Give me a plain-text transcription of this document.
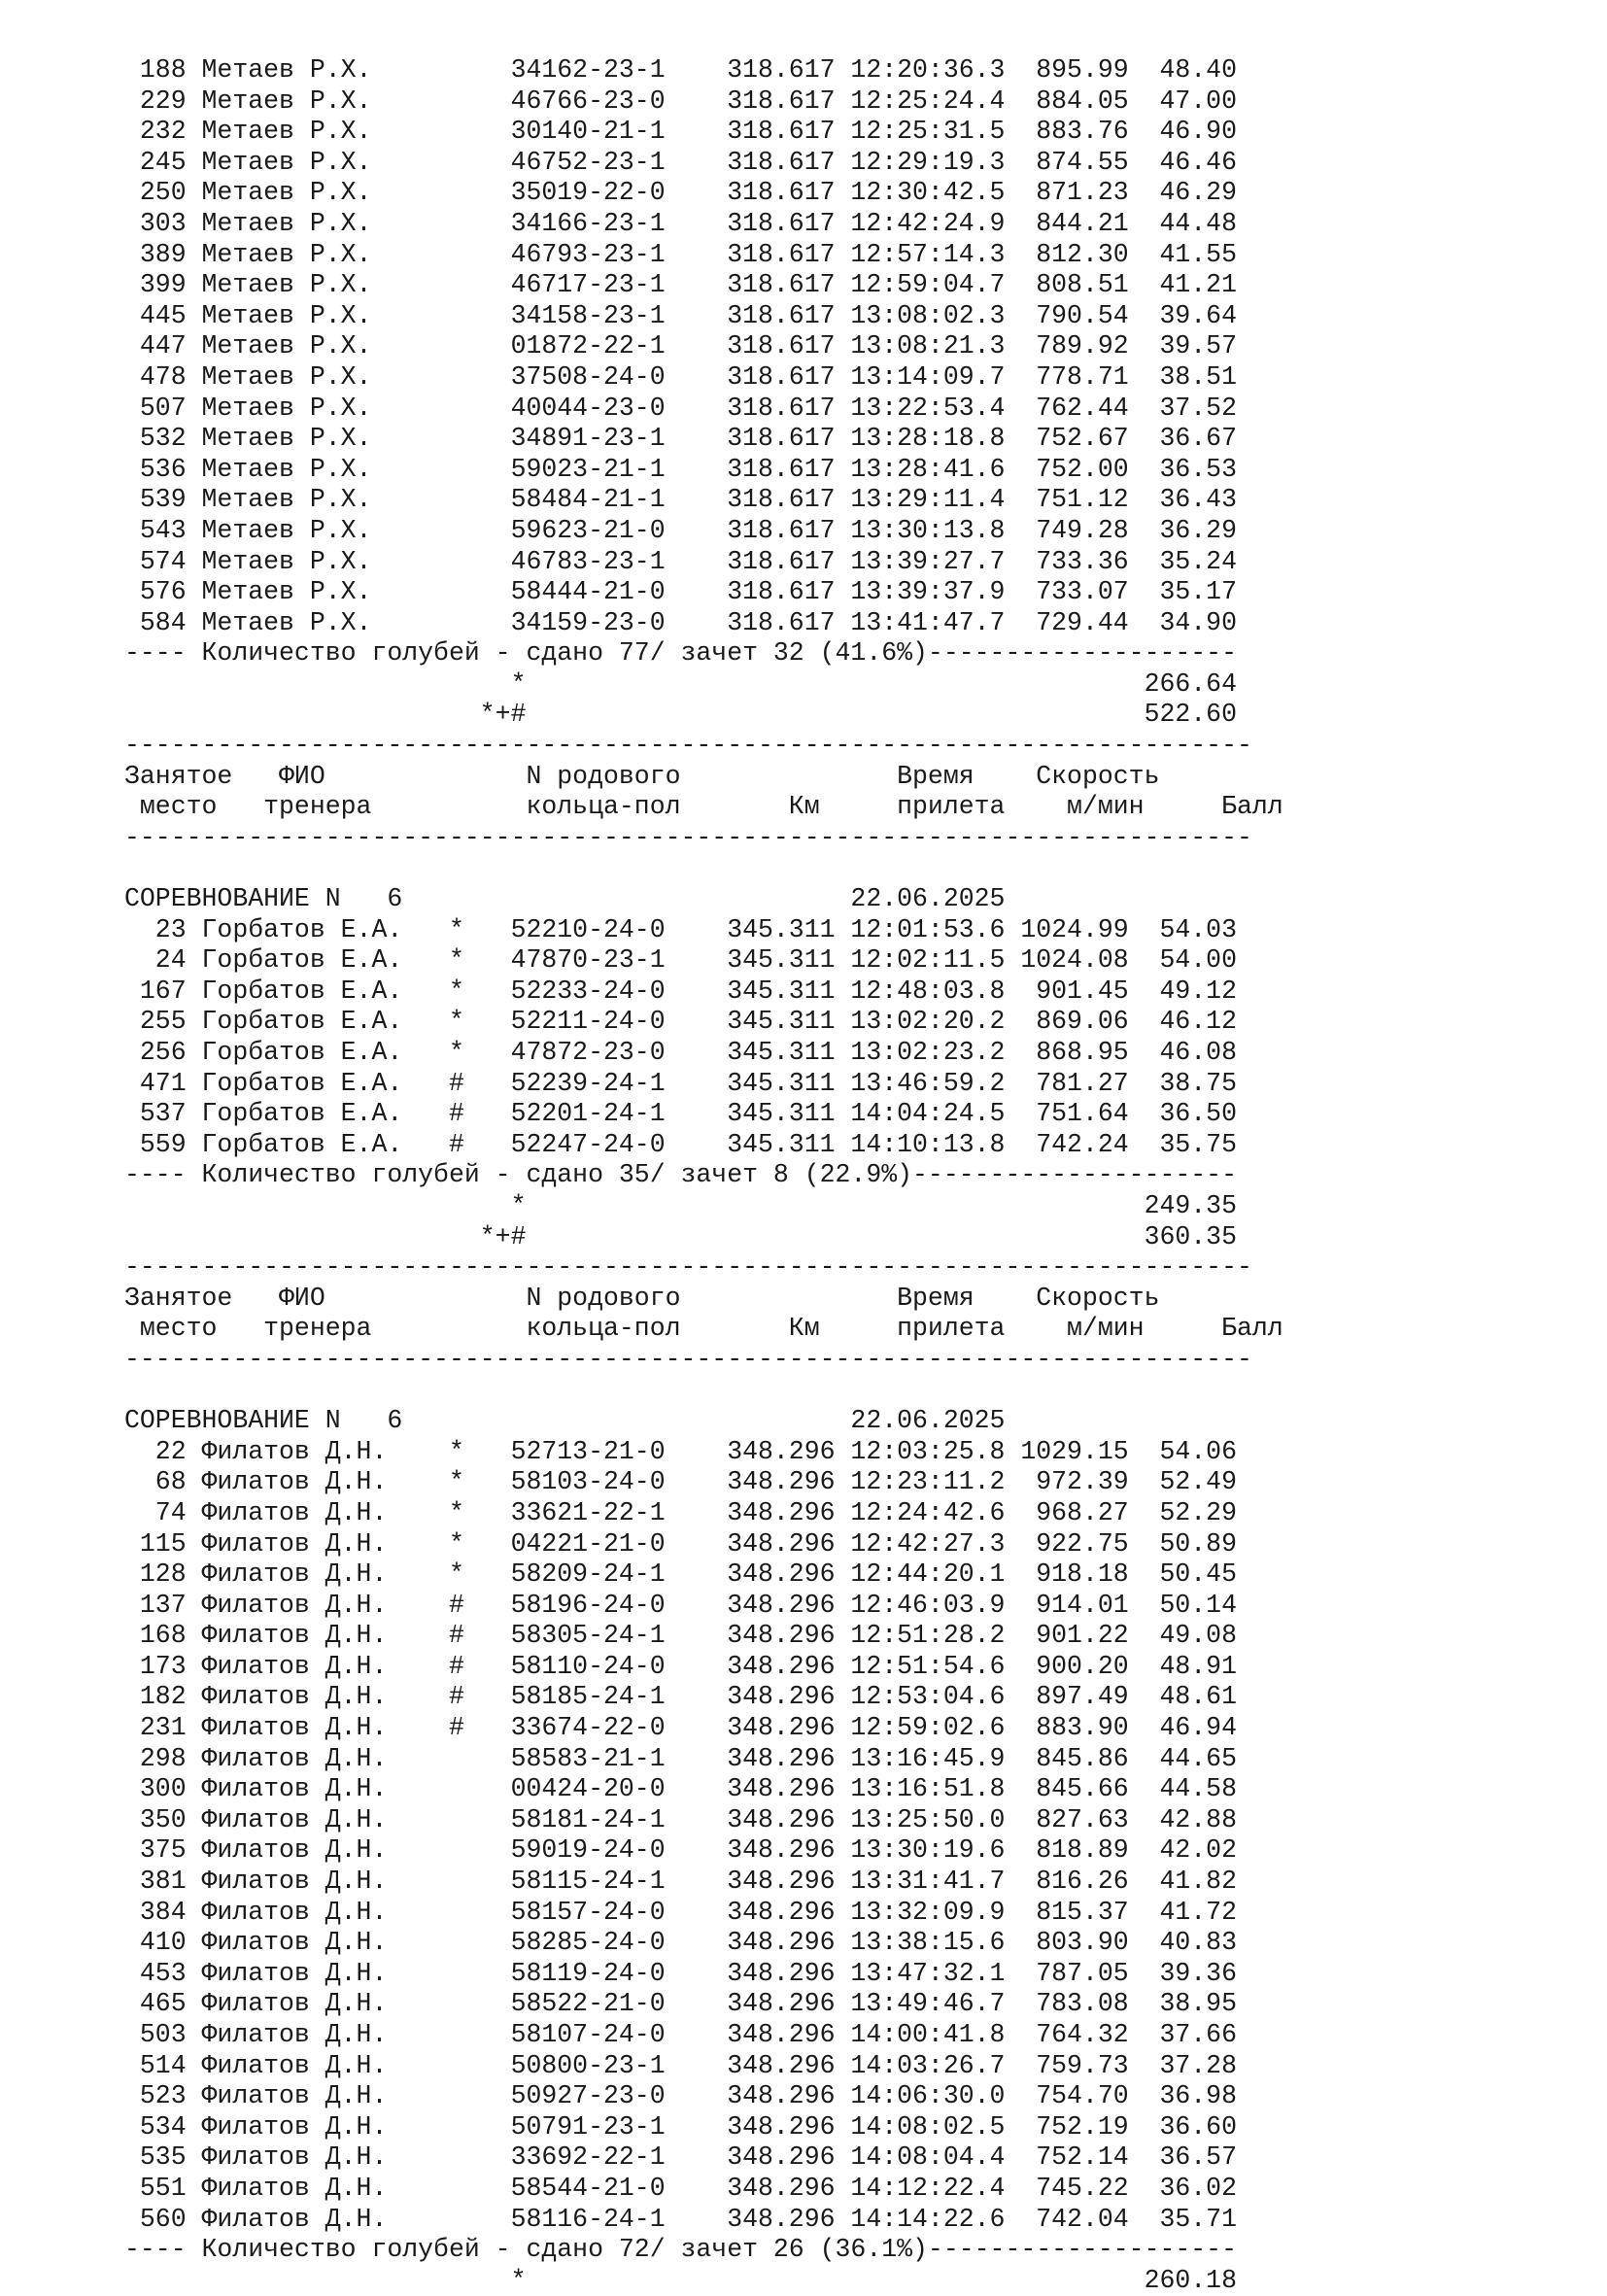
188 Метаев Р.Х.         34162-23-1    318.617 12:20:36.3  895.99  48.40
229 Метаев Р.Х.         46766-23-0    318.617 12:25:24.4  884.05  47.00
232 Метаев Р.Х.         30140-21-1    318.617 12:25:31.5  883.76  46.90
245 Метаев Р.Х.         46752-23-1    318.617 12:29:19.3  874.55  46.46
250 Метаев Р.Х.         35019-22-0    318.617 12:30:42.5  871.23  46.29
303 Метаев Р.Х.         34166-23-1    318.617 12:42:24.9  844.21  44.48
389 Метаев Р.Х.         46793-23-1    318.617 12:57:14.3  812.30  41.55
399 Метаев Р.Х.         46717-23-1    318.617 12:59:04.7  808.51  41.21
445 Метаев Р.Х.         34158-23-1    318.617 13:08:02.3  790.54  39.64
447 Метаев Р.Х.         01872-22-1    318.617 13:08:21.3  789.92  39.57
478 Метаев Р.Х.         37508-24-0    318.617 13:14:09.7  778.71  38.51
507 Метаев Р.Х.         40044-23-0    318.617 13:22:53.4  762.44  37.52
532 Метаев Р.Х.         34891-23-1    318.617 13:28:18.8  752.67  36.67
536 Метаев Р.Х.         59023-21-1    318.617 13:28:41.6  752.00  36.53
539 Метаев Р.Х.         58484-21-1    318.617 13:29:11.4  751.12  36.43
543 Метаев Р.Х.         59623-21-0    318.617 13:30:13.8  749.28  36.29
574 Метаев Р.Х.         46783-23-1    318.617 13:39:27.7  733.36  35.24
576 Метаев Р.Х.         58444-21-0    318.617 13:39:37.9  733.07  35.17
584 Метаев Р.Х.         34159-23-0    318.617 13:41:47.7  729.44  34.90
---- Количество голубей - сдано 77/ зачет 32 (41.6%)--------------------
*                                        266.64
*+#                                        522.60
-------------------------------------------------------------------------
Занятое   ФИО             N родового              Время    Скорость
место   тренера          кольца-пол       Км     прилета    м/мин     Балл
-------------------------------------------------------------------------
СОРЕВНОВАНИЕ N   6                             22.06.2025
23 Горбатов Е.А.   *   52210-24-0    345.311 12:01:53.6 1024.99  54.03
24 Горбатов Е.А.   *   47870-23-1    345.311 12:02:11.5 1024.08  54.00
167 Горбатов Е.А.   *   52233-24-0    345.311 12:48:03.8  901.45  49.12
255 Горбатов Е.А.   *   52211-24-0    345.311 13:02:20.2  869.06  46.12
256 Горбатов Е.А.   *   47872-23-0    345.311 13:02:23.2  868.95  46.08
471 Горбатов Е.А.   #   52239-24-1    345.311 13:46:59.2  781.27  38.75
537 Горбатов Е.А.   #   52201-24-1    345.311 14:04:24.5  751.64  36.50
559 Горбатов Е.А.   #   52247-24-0    345.311 14:10:13.8  742.24  35.75
---- Количество голубей - сдано 35/ зачет 8 (22.9%)---------------------
*                                        249.35
*+#                                        360.35
-------------------------------------------------------------------------
Занятое   ФИО             N родового              Время    Скорость
место   тренера          кольца-пол       Км     прилета    м/мин     Балл
-------------------------------------------------------------------------
СОРЕВНОВАНИЕ N   6                             22.06.2025
22 Филатов Д.Н.    *   52713-21-0    348.296 12:03:25.8 1029.15  54.06
68 Филатов Д.Н.    *   58103-24-0    348.296 12:23:11.2  972.39  52.49
74 Филатов Д.Н.    *   33621-22-1    348.296 12:24:42.6  968.27  52.29
115 Филатов Д.Н.    *   04221-21-0    348.296 12:42:27.3  922.75  50.89
128 Филатов Д.Н.    *   58209-24-1    348.296 12:44:20.1  918.18  50.45
137 Филатов Д.Н.    #   58196-24-0    348.296 12:46:03.9  914.01  50.14
168 Филатов Д.Н.    #   58305-24-1    348.296 12:51:28.2  901.22  49.08
173 Филатов Д.Н.    #   58110-24-0    348.296 12:51:54.6  900.20  48.91
182 Филатов Д.Н.    #   58185-24-1    348.296 12:53:04.6  897.49  48.61
231 Филатов Д.Н.    #   33674-22-0    348.296 12:59:02.6  883.90  46.94
298 Филатов Д.Н.        58583-21-1    348.296 13:16:45.9  845.86  44.65
300 Филатов Д.Н.        00424-20-0    348.296 13:16:51.8  845.66  44.58
350 Филатов Д.Н.        58181-24-1    348.296 13:25:50.0  827.63  42.88
375 Филатов Д.Н.        59019-24-0    348.296 13:30:19.6  818.89  42.02
381 Филатов Д.Н.        58115-24-1    348.296 13:31:41.7  816.26  41.82
384 Филатов Д.Н.        58157-24-0    348.296 13:32:09.9  815.37  41.72
410 Филатов Д.Н.        58285-24-0    348.296 13:38:15.6  803.90  40.83
453 Филатов Д.Н.        58119-24-0    348.296 13:47:32.1  787.05  39.36
465 Филатов Д.Н.        58522-21-0    348.296 13:49:46.7  783.08  38.95
503 Филатов Д.Н.        58107-24-0    348.296 14:00:41.8  764.32  37.66
514 Филатов Д.Н.        50800-23-1    348.296 14:03:26.7  759.73  37.28
523 Филатов Д.Н.        50927-23-0    348.296 14:06:30.0  754.70  36.98
534 Филатов Д.Н.        50791-23-1    348.296 14:08:02.5  752.19  36.60
535 Филатов Д.Н.        33692-22-1    348.296 14:08:04.4  752.14  36.57
551 Филатов Д.Н.        58544-21-0    348.296 14:12:22.4  745.22  36.02
560 Филатов Д.Н.        58116-24-1    348.296 14:14:22.6  742.04  35.71
---- Количество голубей - сдано 72/ зачет 26 (36.1%)--------------------
*                                        260.18
